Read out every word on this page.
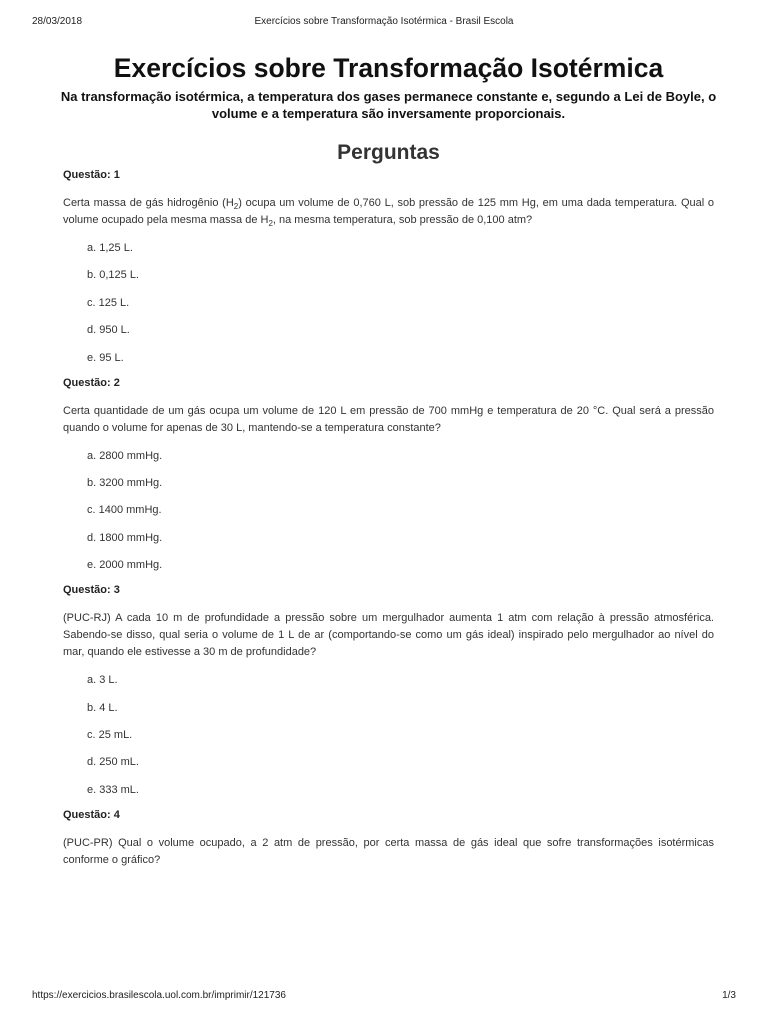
28/03/2018	Exercícios sobre Transformação Isotérmica - Brasil Escola
Exercícios sobre Transformação Isotérmica
Na transformação isotérmica, a temperatura dos gases permanece constante e, segundo a Lei de Boyle, o volume e a temperatura são inversamente proporcionais.
Perguntas

Questão: 1

Certa massa de gás hidrogênio $(H_2)$ ocupa um volume de 0,760 L, sob pressão de 125 mm Hg, em uma dada temperatura. Qual o volume ocupado pela mesma massa de $H_2$, na mesma temperatura, sob pressão de 0,100 atm?

a. 1,25 L.
b. 0,125 L.
c. 125 L.
d. 950 L.
e. 95 L.

Questão: 2

Certa quantidade de um gás ocupa um volume de 120 L em pressão de 700 mmHg e temperatura de 20 °C. Qual será a pressão quando o volume for apenas de 30 L, mantendo-se a temperatura constante?

a. 2800 mmHg.
b. 3200 mmHg.
c. 1400 mmHg.
d. 1800 mmHg.
e. 2000 mmHg.

Questão: 3

(PUC-RJ) A cada 10 m de profundidade a pressão sobre um mergulhador aumenta 1 atm com relação à pressão atmosférica. Sabendo-se disso, qual seria o volume de 1 L de ar (comportando-se como um gás ideal) inspirado pelo mergulhador ao nível do mar, quando ele estivesse a 30 m de profundidade?

a. 3 L.
b. 4 L.
c. 25 mL.
d. 250 mL.
e. 333 mL.

Questão: 4

(PUC-PR) Qual o volume ocupado, a 2 atm de pressão, por certa massa de gás ideal que sofre transformações isotérmicas conforme o gráfico?

https://exercicios.brasilescola.uol.com.br/imprimir/121736	1/3
